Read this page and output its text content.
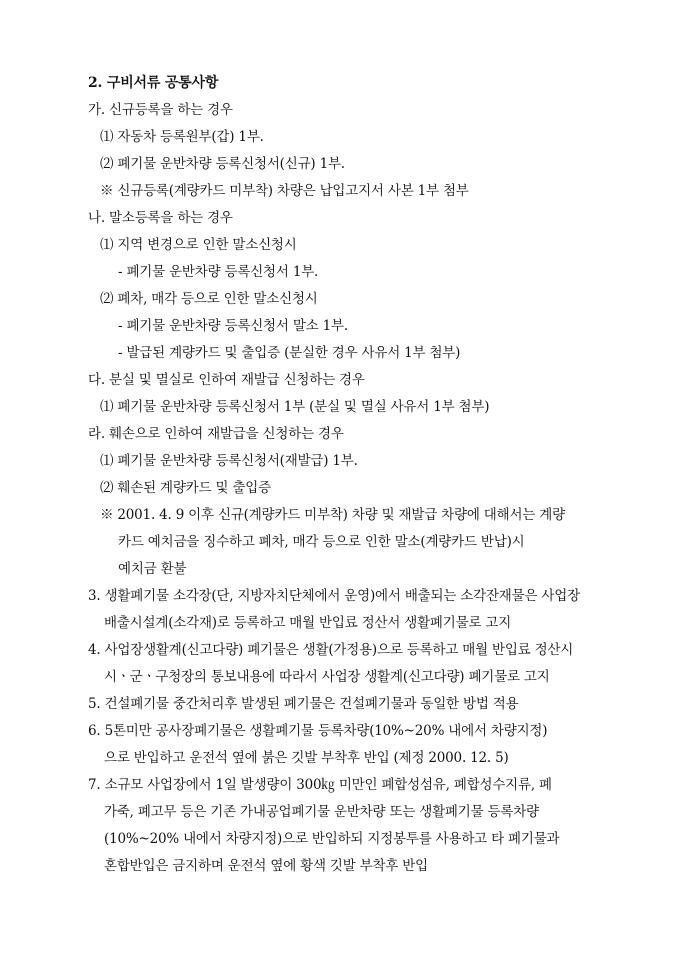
2. 구비서류 공통사항
가. 신규등록을 하는 경우
⑴ 자동차 등록원부(갑) 1부.
⑵ 폐기물 운반차량 등록신청서(신규) 1부.
※ 신규등록(계량카드 미부착) 차량은 납입고지서 사본 1부 첨부
나. 말소등록을 하는 경우
⑴ 지역 변경으로 인한 말소신청시
- 폐기물 운반차량 등록신청서 1부.
⑵ 폐차, 매각 등으로 인한 말소신청시
- 폐기물 운반차량 등록신청서 말소 1부.
- 발급된 계량카드 및 출입증 (분실한 경우 사유서 1부 첨부)
다. 분실 및 멸실로 인하여 재발급 신청하는 경우
⑴ 폐기물 운반차량 등록신청서 1부 (분실 및 멸실 사유서 1부 첨부)
라. 훼손으로 인하여 재발급을 신청하는 경우
⑴ 폐기물 운반차량 등록신청서(재발급) 1부.
⑵ 훼손된 계량카드 및 출입증
※ 2001. 4. 9 이후 신규(계량카드 미부착) 차량 및 재발급 차량에 대해서는 계량
카드 예치금을 징수하고 폐차, 매각 등으로 인한 말소(계량카드 반납)시
예치금 환불
3. 생활폐기물 소각장(단, 지방자치단체에서 운영)에서 배출되는 소각잔재물은 사업장
배출시설계(소각재)로 등록하고 매월 반입료 정산서 생활폐기물로 고지
4. 사업장생활계(신고다량) 폐기물은 생활(가정용)으로 등록하고 매월 반입료 정산시
시ㆍ군ㆍ구청장의 통보내용에 따라서 사업장 생활계(신고다량) 폐기물로 고지
5. 건설폐기물 중간처리후 발생된 폐기물은 건설폐기물과 동일한 방법 적용
6. 5톤미만 공사장폐기물은 생활폐기물 등록차량(10%~20% 내에서 차량지정)
으로 반입하고 운전석 옆에 붉은 깃발 부착후 반입 (제정 2000. 12. 5)
7. 소규모 사업장에서 1일 발생량이 300㎏ 미만인 폐합성섬유, 폐합성수지류, 폐
가죽, 폐고무 등은 기존 가내공업폐기물 운반차량 또는 생활폐기물 등록차량
(10%~20% 내에서 차량지정)으로 반입하되 지정봉투를 사용하고 타 폐기물과
혼합반입은 금지하며 운전석 옆에 황색 깃발 부착후 반입
